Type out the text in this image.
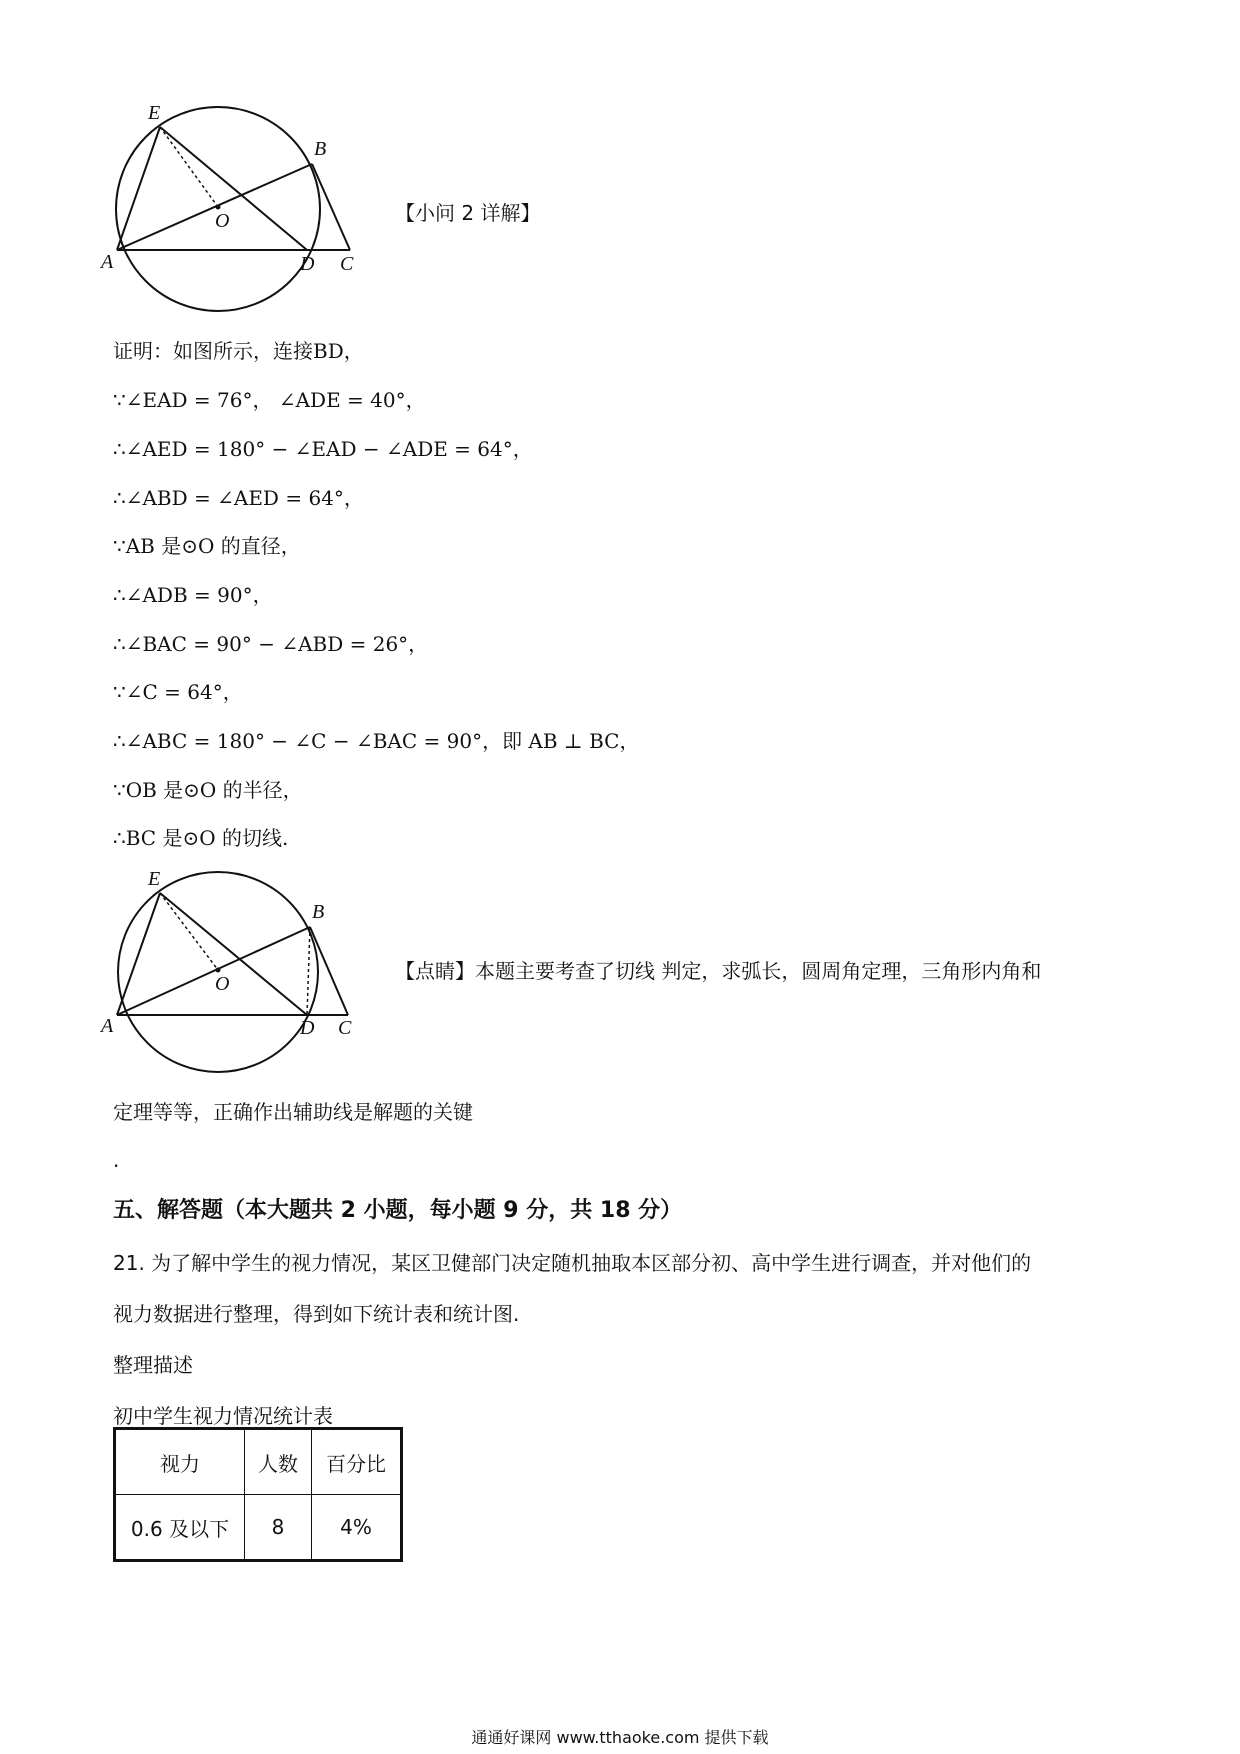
E
B
O
A	D C
【小问 2 详解】
证明：如图所示，连接BD，
∵∠EAD = 76°， ∠ADE = 40°，
∴∠AED = 180° − ∠EAD − ∠ADE = 64°，
∴∠ABD = ∠AED = 64°，
∵AB 是⊙O 的直径，
∴∠ADB = 90°，
∴∠BAC = 90° − ∠ABD = 26°，
∵∠C = 64°，
∴∠ABC = 180° − ∠C − ∠BAC = 90°，即 AB ⊥ BC，
∵OB 是⊙O 的半径，
∴BC 是⊙O 的切线.
E
B
O
A	D C
【点睛】本题主要考查了切线 判定，求弧长，圆周角定理，三角形内角和
定理等等，正确作出辅助线是解题的关键
.
五、解答题（本大题共 2 小题，每小题 9 分，共 18 分）
21. 为了解中学生的视力情况，某区卫健部门决定随机抽取本区部分初、高中学生进行调查，并对他们的
视力数据进行整理，得到如下统计表和统计图.
整理描述
初中学生视力情况统计表
视力	人数	百分比
0.6 及以下	8	4%
通通好课网 www.tthaoke.com 提供下载
